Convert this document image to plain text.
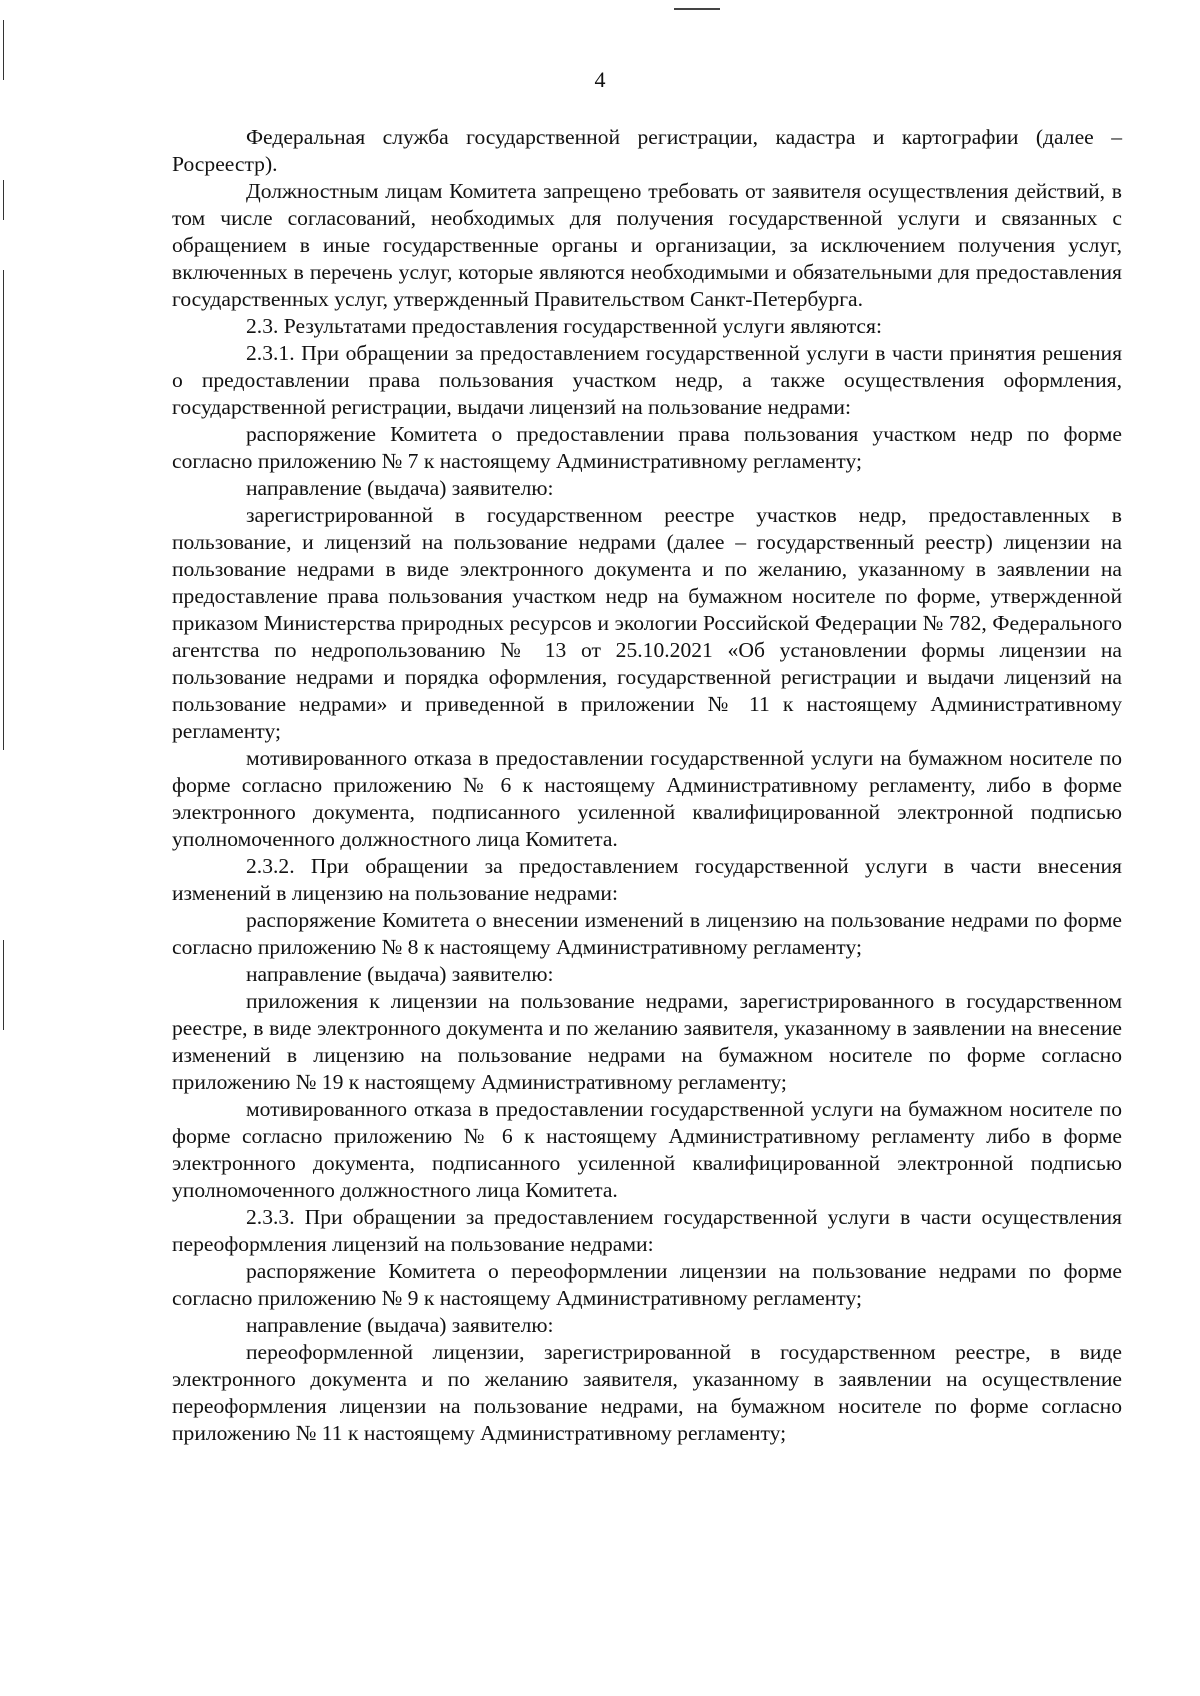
4

Федеральная служба государственной регистрации, кадастра и картографии (далее – Росреестр).

Должностным лицам Комитета запрещено требовать от заявителя осуществления действий, в том числе согласований, необходимых для получения государственной услуги и связанных с обращением в иные государственные органы и организации, за исключением получения услуг, включенных в перечень услуг, которые являются необходимыми и обязательными для предоставления государственных услуг, утвержденный Правительством Санкт-Петербурга.

2.3. Результатами предоставления государственной услуги являются:

2.3.1. При обращении за предоставлением государственной услуги в части принятия решения о предоставлении права пользования участком недр, а также осуществления оформления, государственной регистрации, выдачи лицензий на пользование недрами:

распоряжение Комитета о предоставлении права пользования участком недр по форме согласно приложению № 7 к настоящему Административному регламенту;

направление (выдача) заявителю:

зарегистрированной в государственном реестре участков недр, предоставленных в пользование, и лицензий на пользование недрами (далее – государственный реестр) лицензии на пользование недрами в виде электронного документа и по желанию, указанному в заявлении на предоставление права пользования участком недр на бумажном носителе по форме, утвержденной приказом Министерства природных ресурсов и экологии Российской Федерации № 782, Федерального агентства по недропользованию № 13 от 25.10.2021 «Об установлении формы лицензии на пользование недрами и порядка оформления, государственной регистрации и выдачи лицензий на пользование недрами» и приведенной в приложении № 11 к настоящему Административному регламенту;

мотивированного отказа в предоставлении государственной услуги на бумажном носителе по форме согласно приложению № 6 к настоящему Административному регламенту, либо в форме электронного документа, подписанного усиленной квалифицированной электронной подписью уполномоченного должностного лица Комитета.

2.3.2. При обращении за предоставлением государственной услуги в части внесения изменений в лицензию на пользование недрами:

распоряжение Комитета о внесении изменений в лицензию на пользование недрами по форме согласно приложению № 8 к настоящему Административному регламенту;

направление (выдача) заявителю:

приложения к лицензии на пользование недрами, зарегистрированного в государственном реестре, в виде электронного документа и по желанию заявителя, указанному в заявлении на внесение изменений в лицензию на пользование недрами на бумажном носителе по форме согласно приложению № 19 к настоящему Административному регламенту;

мотивированного отказа в предоставлении государственной услуги на бумажном носителе по форме согласно приложению № 6 к настоящему Административному регламенту либо в форме электронного документа, подписанного усиленной квалифицированной электронной подписью уполномоченного должностного лица Комитета.

2.3.3. При обращении за предоставлением государственной услуги в части осуществления переоформления лицензий на пользование недрами:

распоряжение Комитета о переоформлении лицензии на пользование недрами по форме согласно приложению № 9 к настоящему Административному регламенту;

направление (выдача) заявителю:

переоформленной лицензии, зарегистрированной в государственном реестре, в виде электронного документа и по желанию заявителя, указанному в заявлении на осуществление переоформления лицензии на пользование недрами, на бумажном носителе по форме согласно приложению № 11 к настоящему Административному регламенту;
